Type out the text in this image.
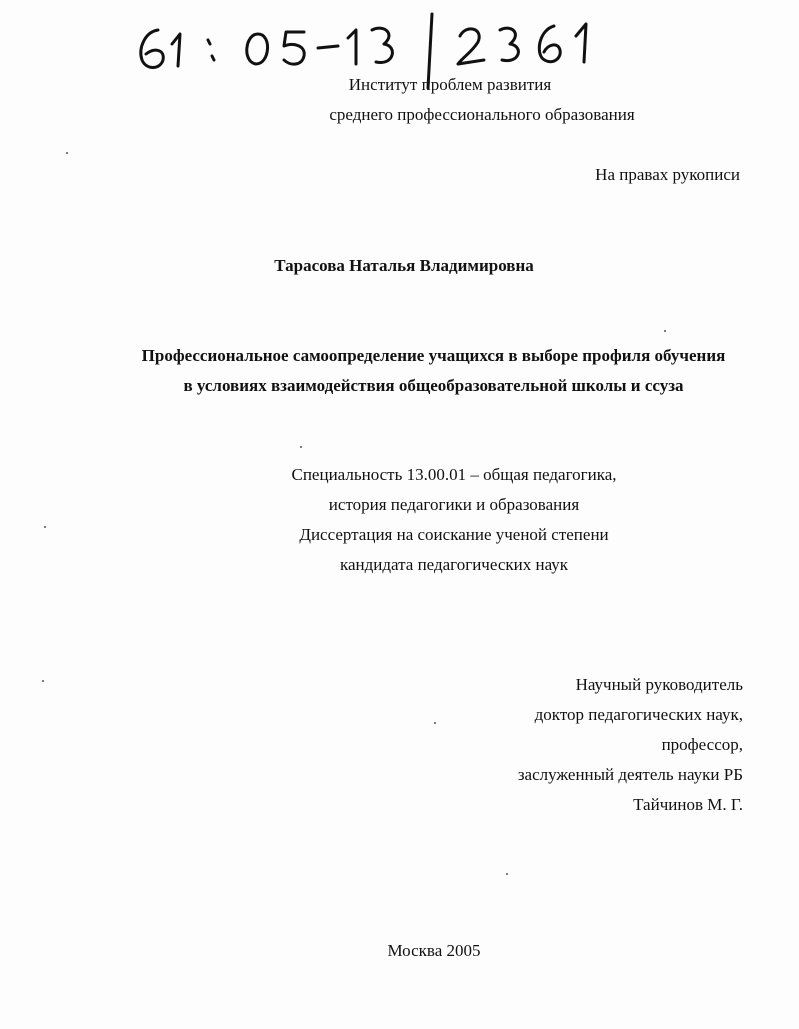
Институт проблем развития
среднего профессионального образования
На правах рукописи
Тарасова Наталья Владимировна
Профессиональное самоопределение учащихся в выборе профиля обучения
в условиях взаимодействия общеобразовательной школы и ссуза
Специальность 13.00.01 – общая педагогика,
история педагогики и образования
Диссертация на соискание ученой степени
кандидата педагогических наук
Научный руководитель
доктор педагогических наук,
профессор,
заслуженный деятель науки РБ
Тайчинов М. Г.
Москва 2005
